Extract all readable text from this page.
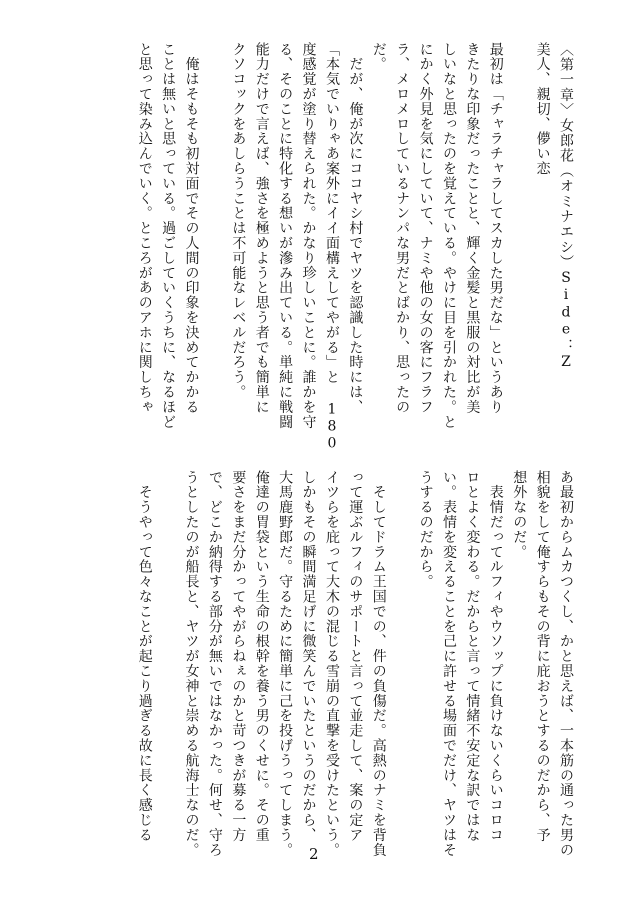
〈第一章〉女郎花（オミナエシ）Side：Z
美人、親切、儚い恋
最初は「チャラチャラしてスカした男だな」というあり
きたりな印象だったことと、輝く金髪と黒服の対比が美
しいなと思ったのを覚えている。やけに目を引かれた。と
にかく外見を気にしていて、ナミや他の女の客にフラフ
ラ、メロメロしているナンパな男だとばかり、思ったの
だ。
　だが、俺が次にココヤシ村でヤツを認識した時には、
「本気でいりゃあ案外にイイ面構えしてやがる」と 180
度感覚が塗り替えられた。かなり珍しいことに。誰かを守
る、そのことに特化する想いが滲み出ている。単純に戦闘
能力だけで言えば、強さを極めようと思う者でも簡単に
クソコックをあしらうことは不可能なレベルだろう。
　俺はそもそも初対面でその人間の印象を決めてかかる
ことは無いと思っている。過ごしていくうちに、なるほど
と思って染み込んでいく。ところがあのアホに関しちゃ
あ最初からムカつくし、かと思えば、一本筋の通った男の
相貌をして俺すらもその背に庇おうとするのだから、予
想外なのだ。
　表情だってルフィやウソップに負けないくらいコロコ
ロとよく変わる。だからと言って情緒不安定な訳ではな
い。表情を変えることを己に許せる場面でだけ、ヤツはそ
うするのだから。
　そしてドラム王国での、件の負傷だ。高熱のナミを背負
って運ぶルフィのサポートと言って並走して、案の定ア
イツらを庇って大木の混じる雪崩の直撃を受けたという。
しかもその瞬間満足げに微笑んでいたというのだから、
大馬鹿野郎だ。守るために簡単に己を投げうってしまう。
俺達の胃袋という生命の根幹を養う男のくせに。その重
要さをまだ分かってやがらねぇのかと苛つきが募る一方
で、どこか納得する部分が無いではなかった。何せ、守ろ
うとしたのが船長と、ヤツが女神と崇める航海士なのだ。
　そうやって色々なことが起こり過ぎる故に長く感じる
2
